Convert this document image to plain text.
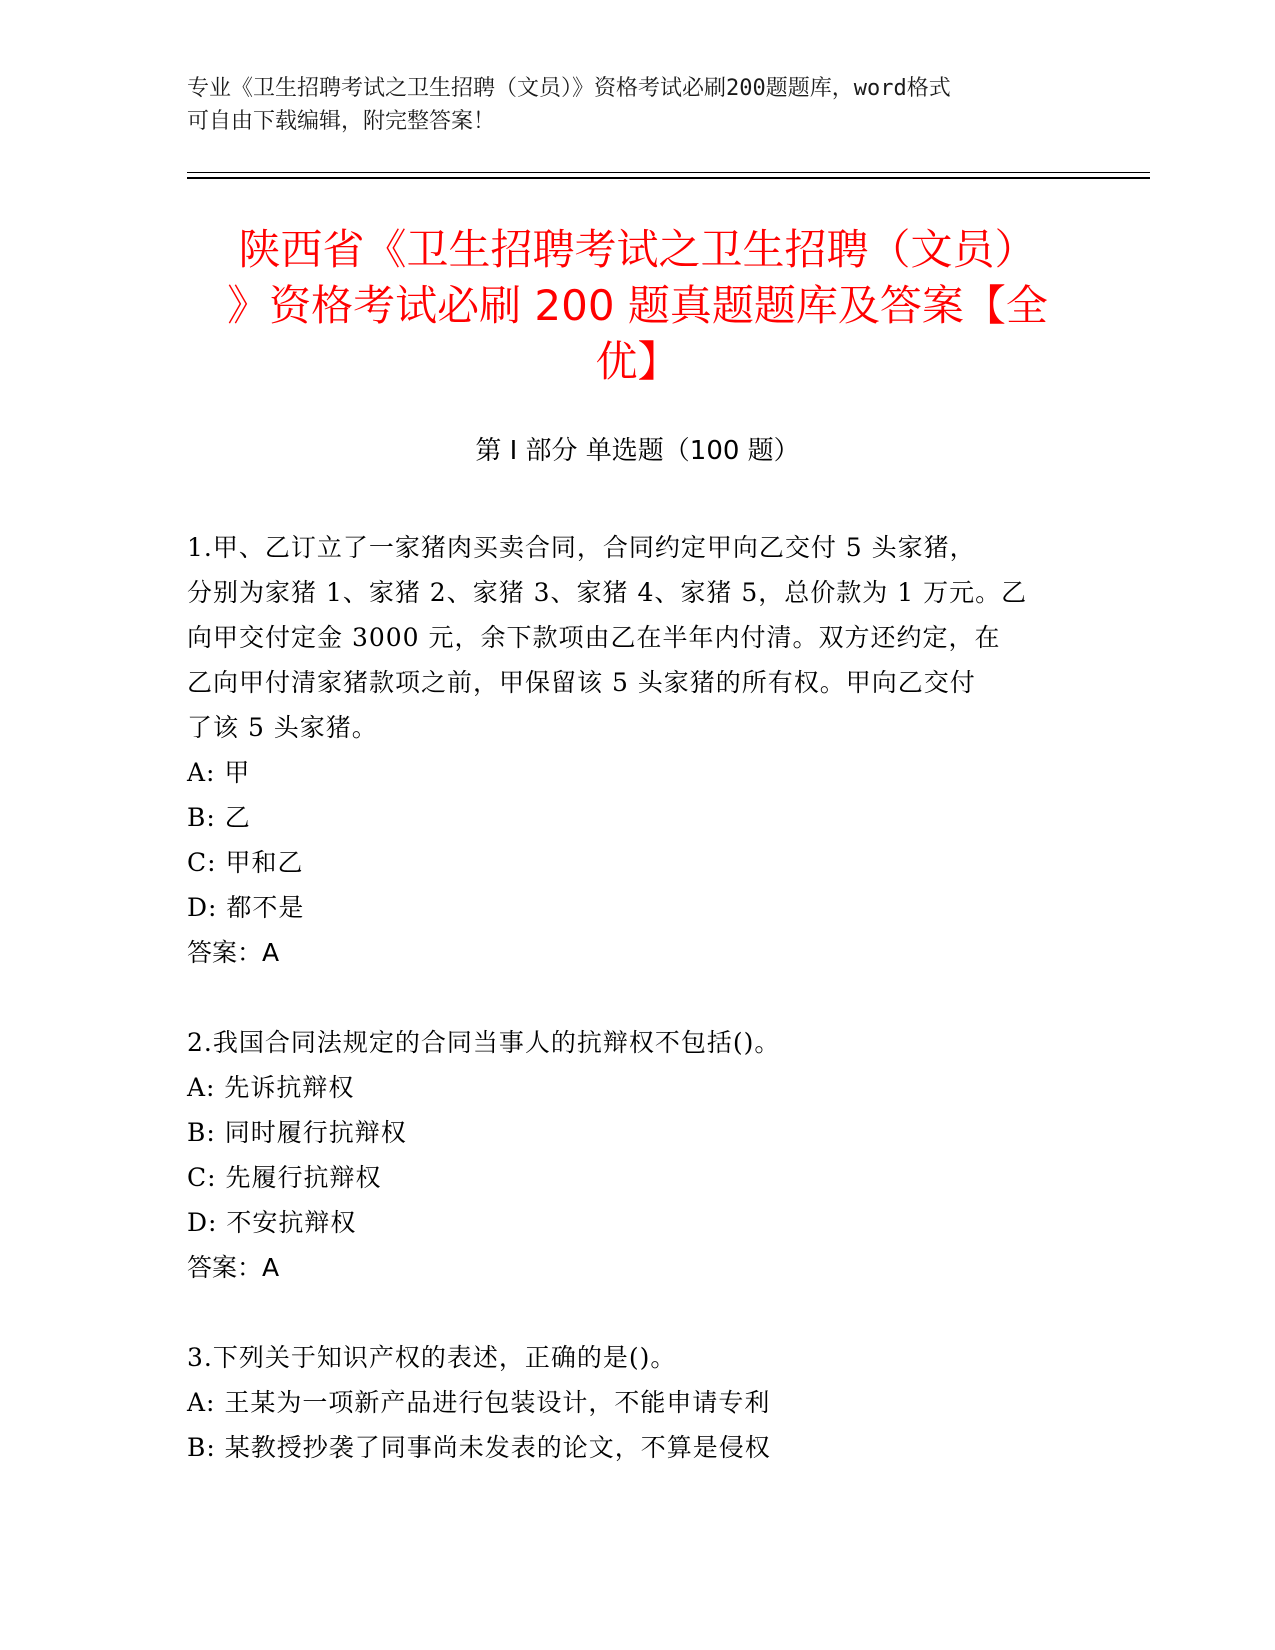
专业《卫生招聘考试之卫生招聘（文员）》资格考试必刷200题题库，word格式
可自由下载编辑，附完整答案！
陕西省《卫生招聘考试之卫生招聘（文员）
》资格考试必刷 200 题真题题库及答案【全
优】
第 I 部分 单选题（100 题）

1.甲、乙订立了一家猪肉买卖合同，合同约定甲向乙交付 5 头家猪，

分别为家猪 1、家猪 2、家猪 3、家猪 4、家猪 5，总价款为 1 万元。乙

向甲交付定金 3000 元，余下款项由乙在半年内付清。双方还约定，在

乙向甲付清家猪款项之前，甲保留该 5 头家猪的所有权。甲向乙交付

了该 5 头家猪。

A: 甲

B: 乙

C: 甲和乙

D: 都不是

答案：A

2.我国合同法规定的合同当事人的抗辩权不包括()。

A: 先诉抗辩权

B: 同时履行抗辩权

C: 先履行抗辩权

D: 不安抗辩权

答案：A

3.下列关于知识产权的表述，正确的是()。

A: 王某为一项新产品进行包装设计，不能申请专利

B: 某教授抄袭了同事尚未发表的论文，不算是侵权
